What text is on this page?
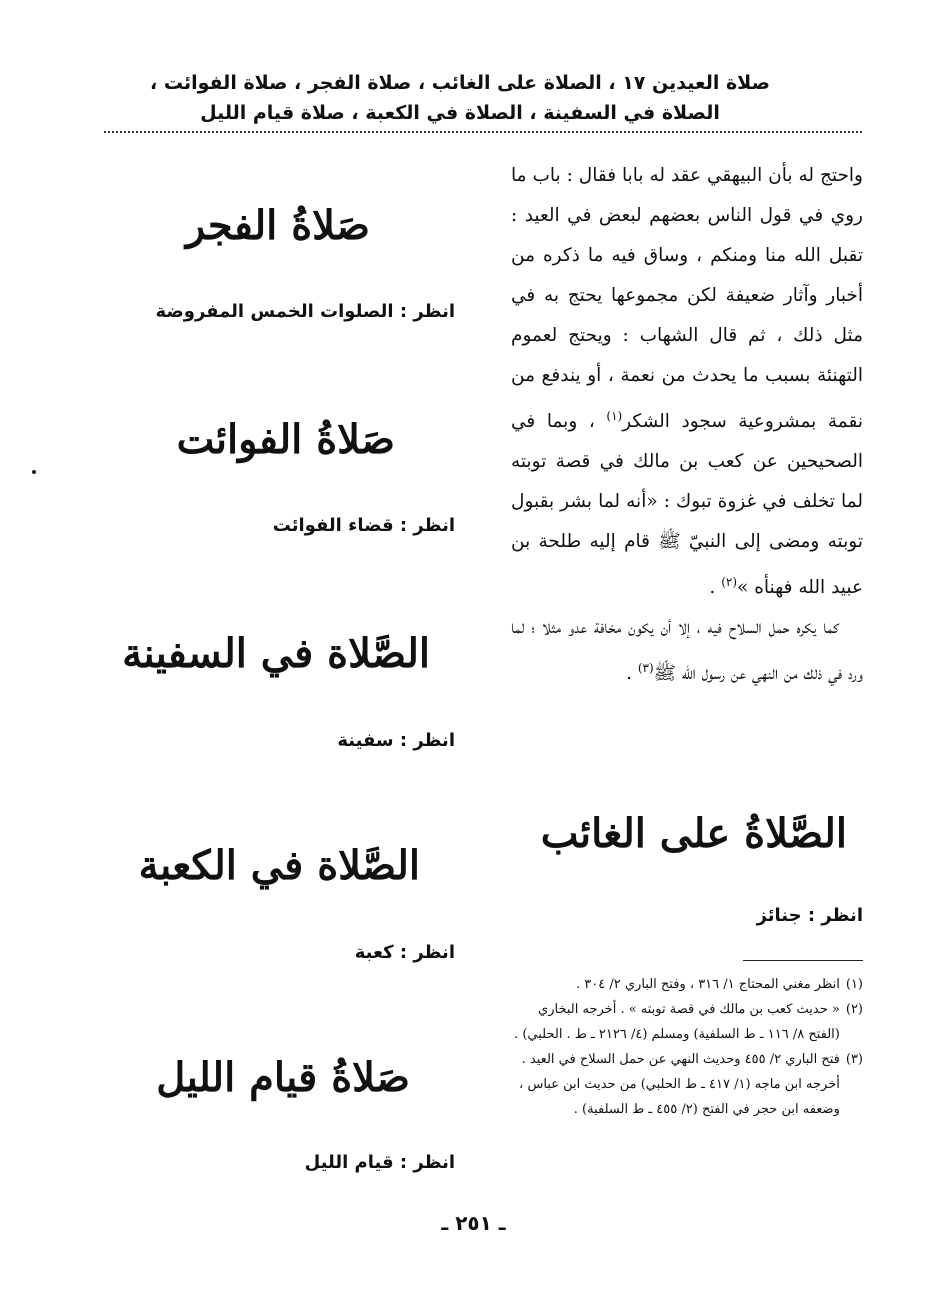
صلاة العيدين ١٧ ، الصلاة على الغائب ، صلاة الفجر ، صلاة الفوائت ،
الصلاة في السفينة ، الصلاة في الكعبة ، صلاة قيام الليل

واحتج له بأن البيهقي عقد له بابا فقال : باب ما روي في قول الناس بعضهم لبعض في العيد : تقبل الله منا ومنكم ، وساق فيه ما ذكره من أخبار وآثار ضعيفة لكن مجموعها يحتج به في مثل ذلك ، ثم قال الشهاب : ويحتج لعموم التهنئة بسبب ما يحدث من نعمة ، أو يندفع من نقمة بمشروعية سجود الشكر$^{(١)}$ ، وبما في الصحيحين عن كعب بن مالك في قصة توبته لما تخلف في غزوة تبوك : «أنه لما بشر بقبول توبته ومضى إلى النبيّ ﷺ قام إليه طلحة بن عبيد الله فهنأه »$^{(٢)}$ .

كما يكره حمل السلاح فيه ، إلا أن يكون مخافة عدو مثلا ؛ لما ورد في ذلك من النهي عن رسول الله ﷺ$^{(٣)}$ .

الصَّلاةُ على الغائب
انظر : جنائز
صَلاةُ الفجر
انظر : الصلوات الخمس المفروضة
صَلاةُ الفوائت
انظر : قضاء الفوائت
الصَّلاة في السفينة
انظر : سفينة
الصَّلاة في الكعبة
انظر : كعبة
صَلاةُ قيام الليل
انظر : قيام الليل
(١)
انظر مغني المحتاج ١/ ٣١٦ ، وفتح الباري ٢/ ٣٠٤ .
(٢)
« حديث كعب بن مالك في قصة توبته » . أخرجه البخاري (الفتح ٨/ ١١٦ ـ ط السلفية) ومسلم (٤/ ٢١٢٦ ـ ط . الحلبي) .
(٣)
فتح الباري ٢/ ٤٥٥ وحديث النهي عن حمل السلاح في العيد . أخرجه ابن ماجه (١/ ٤١٧ ـ ط الحلبي) من حديث ابن عباس ، وضعفه ابن حجر في الفتح (٢/ ٤٥٥ ـ ط السلفية) .
ـ ٢٥١ ـ
